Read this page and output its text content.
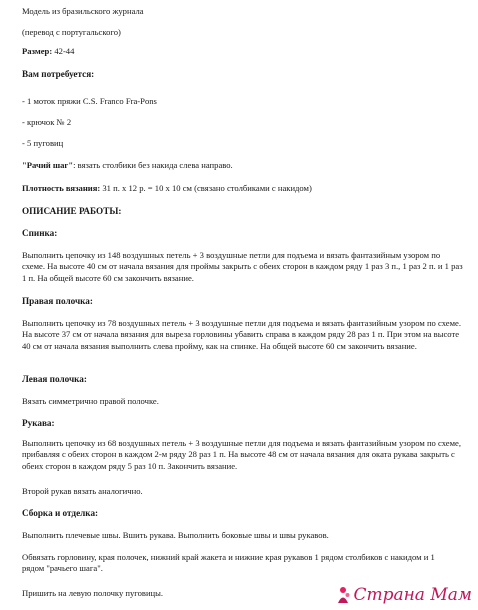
Модель из бразильского журнала
(перевод с португальского)
Размер: 42-44
Вам потребуется:
- 1 моток пряжи C.S. Franco Fra-Pons
- крючок № 2
- 5 пуговиц
"Рачий шаг": вязать столбики без накида слева направо.
Плотность вязания: 31 п. х 12 р. = 10 х 10 см (связано столбиками с накидом)
ОПИСАНИЕ РАБОТЫ:
Спинка:
Выполнить цепочку из 148 воздушных петель + 3 воздушные петли для подъема и вязать фантазийным узором по схеме. На высоте 40 см от начала вязания для проймы закрыть с обеих сторон в каждом ряду 1 раз 3 п., 1 раз 2 п. и 1 раз 1 п. На общей высоте 60 см закончить вязание.
Правая полочка:
Выполнить цепочку из 78 воздушных петель + 3 воздушные петли для подъема и вязать фантазийным узором по схеме. На высоте 37 см от начала вязания для выреза горловины убавить справа в каждом ряду 28 раз 1 п. При этом на высоте 40 см от начала вязания выполнить слева пройму, как на спинке. На общей высоте 60 см закончить вязание.
Левая полочка:
Вязать симметрично правой полочке.
Рукава:
Выполнить цепочку из 68 воздушных петель + 3 воздушные петли для подъема и вязать фантазийным узором по схеме, прибавляя с обеих сторон в каждом 2-м ряду 28 раз 1 п. На высоте 48 см от начала вязания для оката рукава закрыть с обеих сторон в каждом ряду 5 раз 10 п. Закончить вязание.
Второй рукав вязать аналогично.
Сборка и отделка:
Выполнить плечевые швы. Вшить рукава. Выполнить боковые швы и швы рукавов.
Обвязать горловину, края полочек, нижний край жакета и нижние края рукавов 1 рядом столбиков с накидом и 1 рядом "рачьего шага".
Пришить на левую полочку пуговицы.	Страна Мам
